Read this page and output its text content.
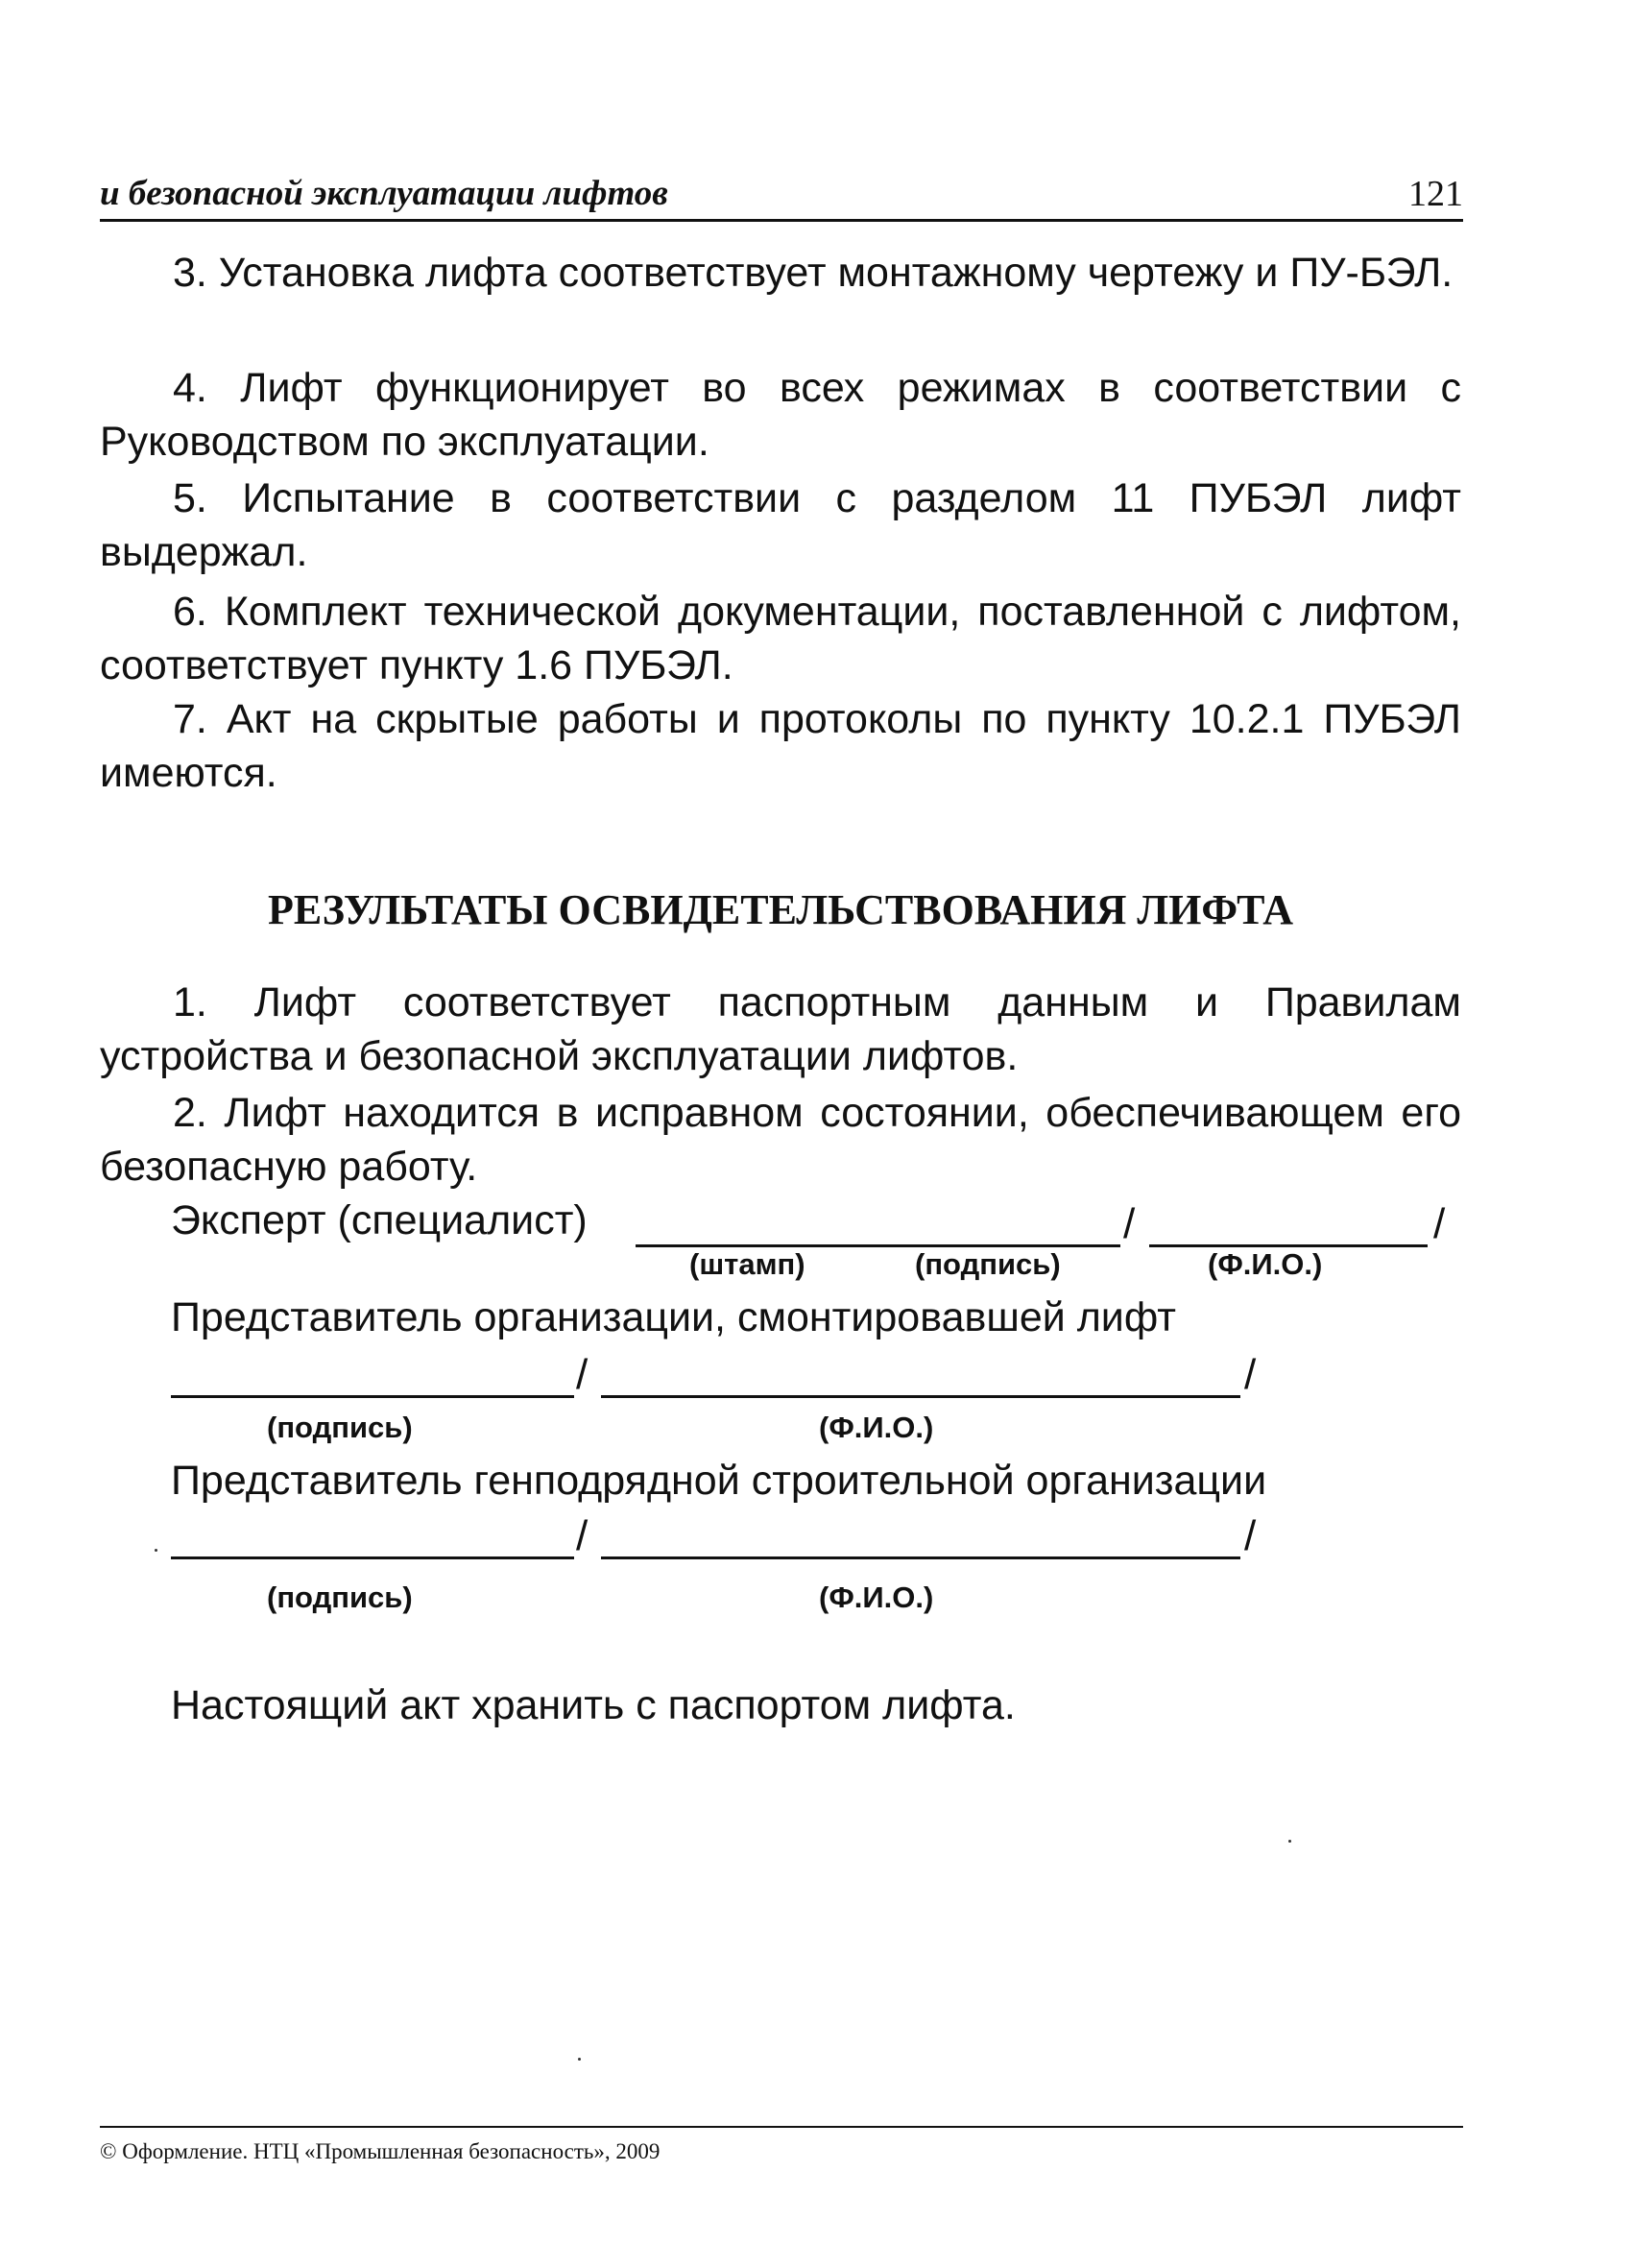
и безопасной эксплуатации лифтов	121

3. Установка лифта соответствует монтажному чертежу и ПУ-БЭЛ.

4. Лифт функционирует во всех режимах в соответствии с Руководством по эксплуатации.

5. Испытание в соответствии с разделом 11 ПУБЭЛ лифт выдержал.

6. Комплект технической документации, поставленной с лифтом, соответствует пункту 1.6 ПУБЭЛ.

7. Акт на скрытые работы и протоколы по пункту 10.2.1 ПУБЭЛ имеются.

РЕЗУЛЬТАТЫ ОСВИДЕТЕЛЬСТВОВАНИЯ ЛИФТА

1. Лифт соответствует паспортным данным и Правилам устройства и безопасной эксплуатации лифтов.

2. Лифт находится в исправном состоянии, обеспечивающем его безопасную работу.

Эксперт (специалист)	/	/
(штамп)	(подпись)	(Ф.И.О.)
Представитель организации, смонтировавшей лифт
/	/
(подпись)	(Ф.И.О.)
Представитель генподрядной строительной организации
/	/
(подпись)	(Ф.И.О.)
Настоящий акт хранить с паспортом лифта.
© Оформление. НТЦ «Промышленная безопасность», 2009
